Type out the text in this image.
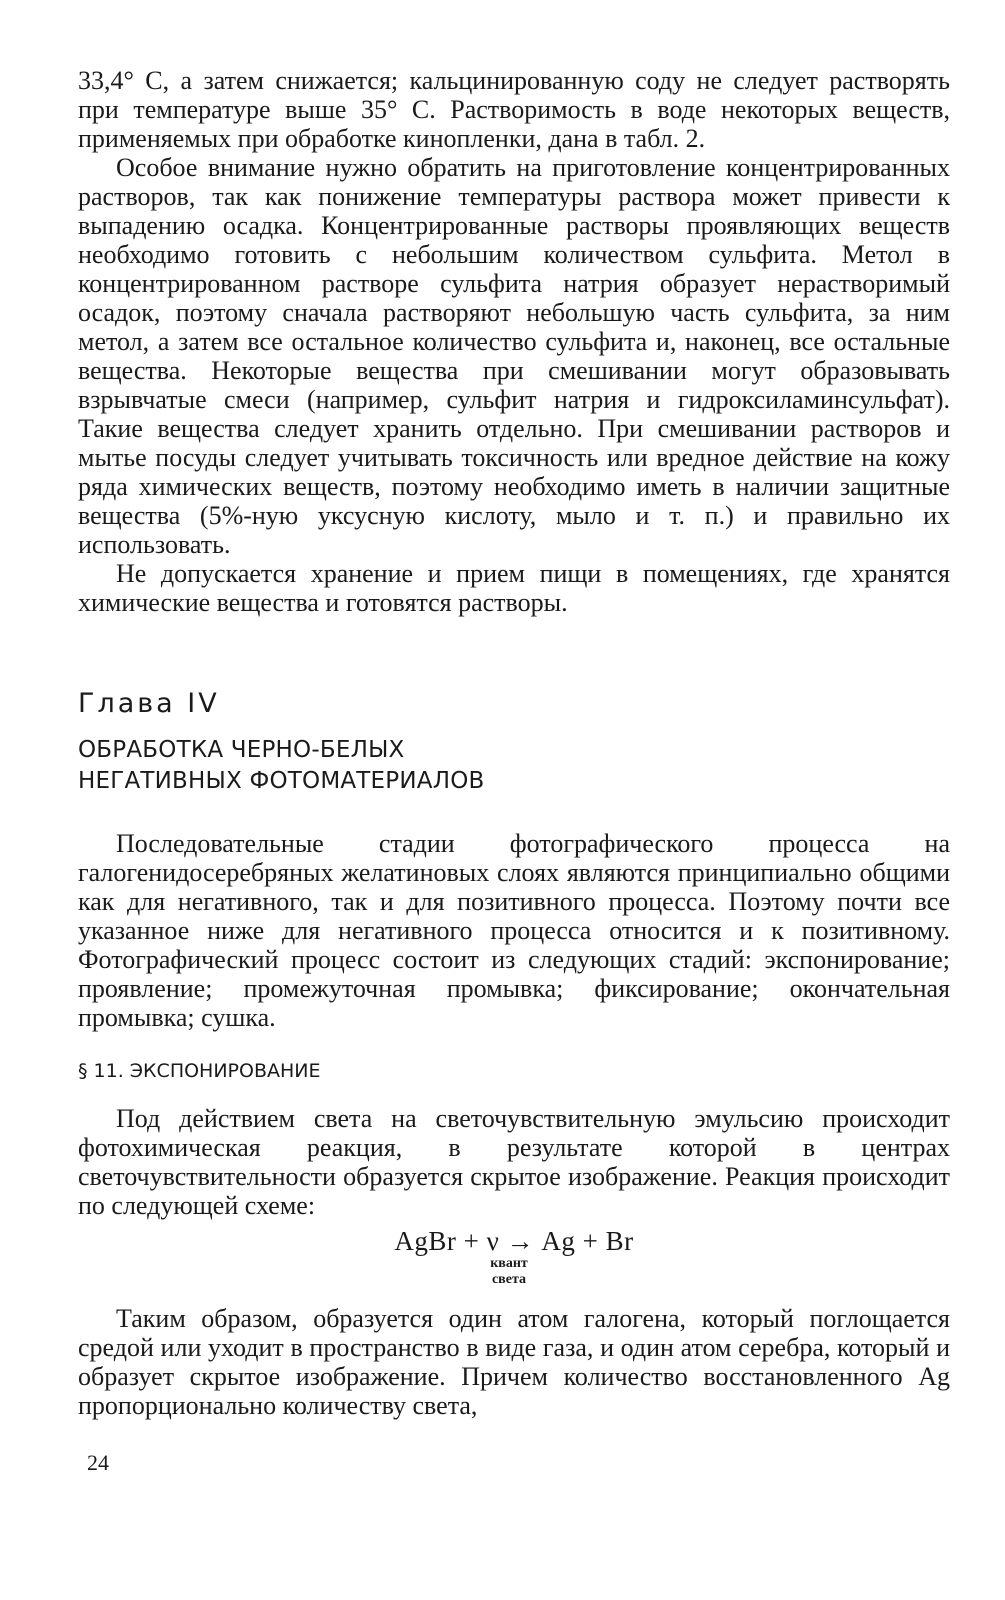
33,4° С, а затем снижается; кальцинированную соду не следует растворять при температуре выше 35° С. Растворимость в воде некоторых веществ, применяемых при обработке кинопленки, дана в табл. 2.

Особое внимание нужно обратить на приготовление концентрированных растворов, так как понижение температуры раствора может привести к выпадению осадка. Концентрированные растворы проявляющих веществ необходимо готовить с небольшим количеством сульфита. Метол в концентрированном растворе сульфита натрия образует нерастворимый осадок, поэтому сначала растворяют небольшую часть сульфита, за ним метол, а затем все остальное количество сульфита и, наконец, все остальные вещества. Некоторые вещества при смешивании могут образовывать взрывчатые смеси (например, сульфит натрия и гидроксиламинсульфат). Такие вещества следует хранить отдельно. При смешивании растворов и мытье посуды следует учитывать токсичность или вредное действие на кожу ряда химических веществ, поэтому необходимо иметь в наличии защитные вещества (5%-ную уксусную кислоту, мыло и т. п.) и правильно их использовать.

Не допускается хранение и прием пищи в помещениях, где хранятся химические вещества и готовятся растворы.

Глава IV
ОБРАБОТКА ЧЕРНО-БЕЛЫХ
НЕГАТИВНЫХ ФОТОМАТЕРИАЛОВ

Последовательные стадии фотографического процесса на галогенидосеребряных желатиновых слоях являются принципиально общими как для негативного, так и для позитивного процесса. Поэтому почти все указанное ниже для негативного процесса относится и к позитивному. Фотографический процесс состоит из следующих стадий: экспонирование; проявление; промежуточная промывка; фиксирование; окончательная промывка; сушка.

§ 11. ЭКСПОНИРОВАНИЕ

Под действием света на светочувствительную эмульсию происходит фотохимическая реакция, в результате которой в центрах светочувствительности образуется скрытое изображение. Реакция происходит по следующей схеме:

AgBr + ν → Ag + Br
квант
света

Таким образом, образуется один атом галогена, который поглощается средой или уходит в пространство в виде газа, и один атом серебра, который и образует скрытое изображение. Причем количество восстановленного Ag пропорционально количеству света,

24
